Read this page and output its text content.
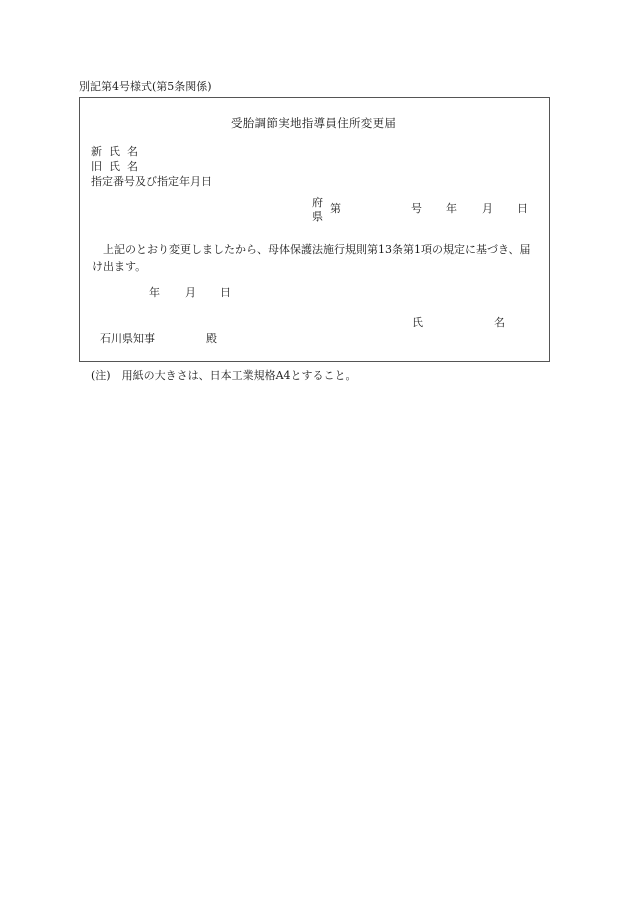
別記第4号様式(第5条関係)
受胎調節実地指導員住所変更届
新 氏 名
旧 氏 名
指定番号及び指定年月日
府
県
第	号 年 月 日
上記のとおり変更しましたから、母体保護法施行規則第13条第1項の規定に基づき、届け出ます。
年 月 日
氏	名
石川県知事	殿
(注)　用紙の大きさは、日本工業規格A4とすること。
